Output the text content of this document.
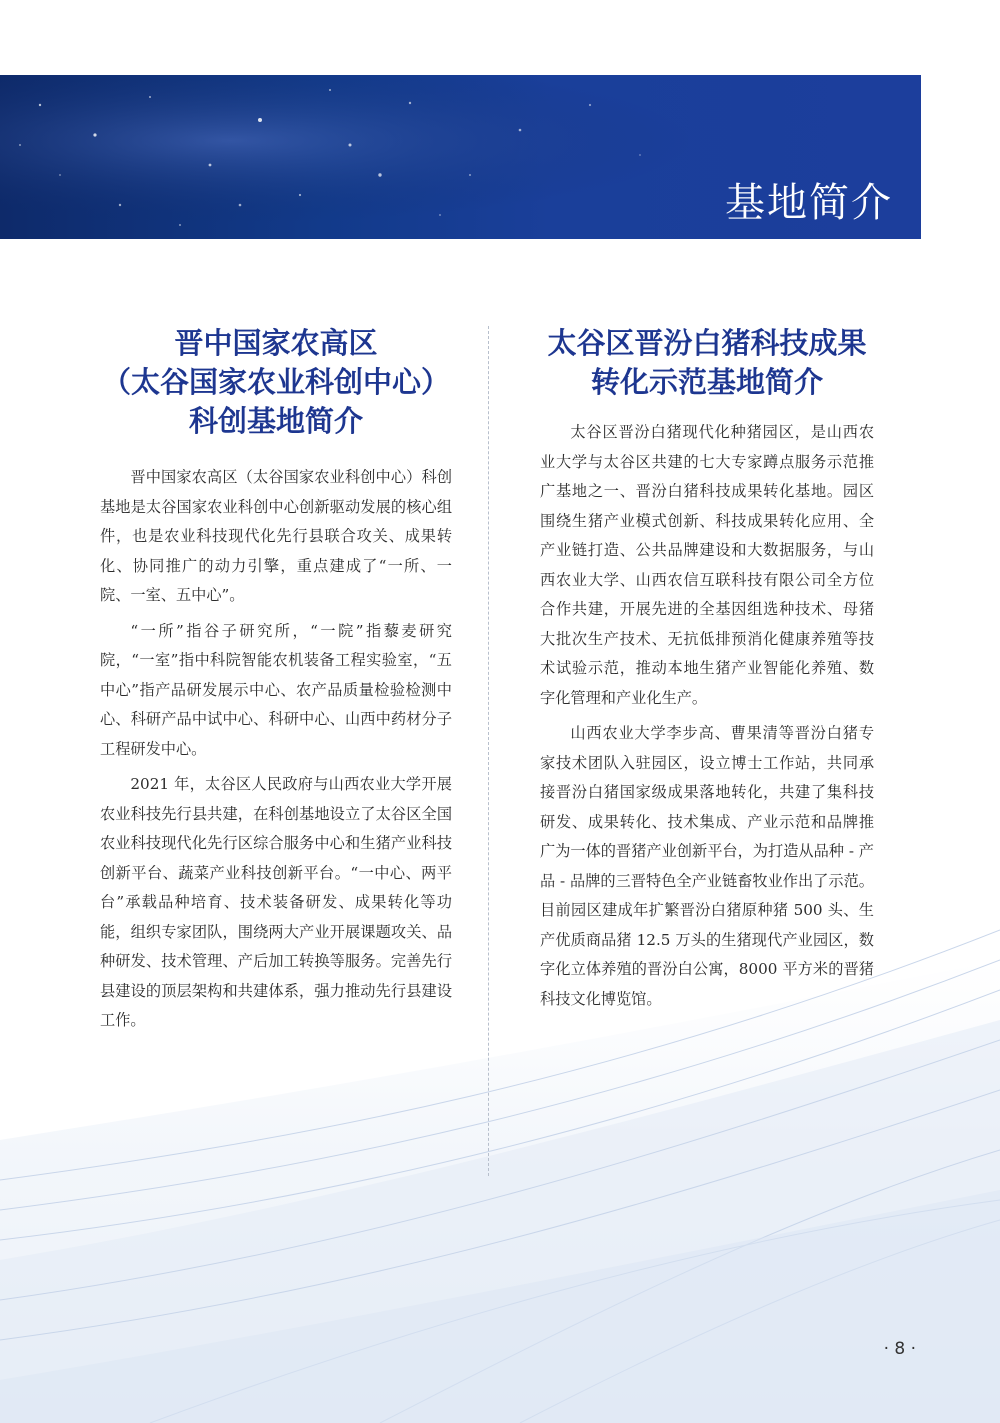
基地简介
晋中国家农高区
（太谷国家农业科创中心）
科创基地简介

晋中国家农高区（太谷国家农业科创中心）科创基地是太谷国家农业科创中心创新驱动发展的核心组件，也是农业科技现代化先行县联合攻关、成果转化、协同推广的动力引擎，重点建成了“一所、一院、一室、五中心”。

“一所”指谷子研究所，“一院”指藜麦研究院，“一室”指中科院智能农机装备工程实验室，“五中心”指产品研发展示中心、农产品质量检验检测中心、科研产品中试中心、科研中心、山西中药材分子工程研发中心。

2021 年，太谷区人民政府与山西农业大学开展农业科技先行县共建，在科创基地设立了太谷区全国农业科技现代化先行区综合服务中心和生猪产业科技创新平台、蔬菜产业科技创新平台。“一中心、两平台”承载品种培育、技术装备研发、成果转化等功能，组织专家团队，围绕两大产业开展课题攻关、品种研发、技术管理、产后加工转换等服务。完善先行县建设的顶层架构和共建体系，强力推动先行县建设工作。

太谷区晋汾白猪科技成果
转化示范基地简介

太谷区晋汾白猪现代化种猪园区，是山西农业大学与太谷区共建的七大专家蹲点服务示范推广基地之一、晋汾白猪科技成果转化基地。园区围绕生猪产业模式创新、科技成果转化应用、全产业链打造、公共品牌建设和大数据服务，与山西农业大学、山西农信互联科技有限公司全方位合作共建，开展先进的全基因组选种技术、母猪大批次生产技术、无抗低排预消化健康养殖等技术试验示范，推动本地生猪产业智能化养殖、数字化管理和产业化生产。

山西农业大学李步高、曹果清等晋汾白猪专家技术团队入驻园区，设立博士工作站，共同承接晋汾白猪国家级成果落地转化，共建了集科技研发、成果转化、技术集成、产业示范和品牌推广为一体的晋猪产业创新平台，为打造从品种 - 产品 - 品牌的三晋特色全产业链畜牧业作出了示范。目前园区建成年扩繁晋汾白猪原种猪 500 头、生产优质商品猪 12.5 万头的生猪现代产业园区，数字化立体养殖的晋汾白公寓，8000 平方米的晋猪科技文化博览馆。

· 8 ·
